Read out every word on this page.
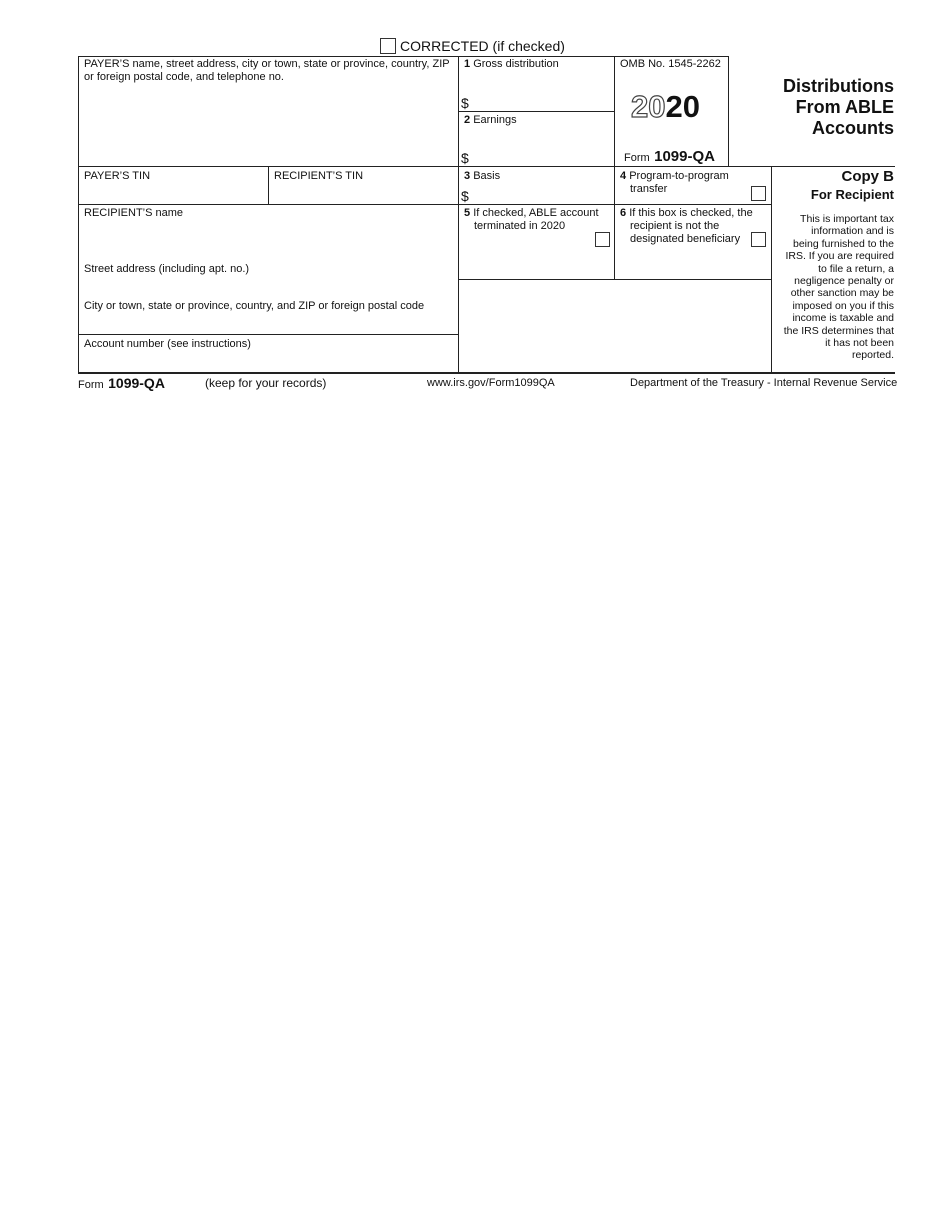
CORRECTED (if checked)
PAYER’S name, street address, city or town, state or province, country, ZIP or foreign postal code, and telephone no.
1 Gross distribution
$
2 Earnings
$
OMB No. 1545-2262
2020
Form 1099-QA
Distributions
From ABLE
Accounts
PAYER’S TIN	RECIPIENT’S TIN	3 Basis
$
4 Program-to-program
transfer
Copy B
For Recipient
RECIPIENT’S name
Street address (including apt. no.)
City or town, state or province, country, and ZIP or foreign postal code
Account number (see instructions)
5 If checked, ABLE account
terminated in 2020
6 If this box is checked, the
recipient is not the
designated beneficiary
This is important tax
information and is
being furnished to the
IRS. If you are required
to file a return, a
negligence penalty or
other sanction may be
imposed on you if this
income is taxable and
the IRS determines that
it has not been
reported.
Form 1099-QA	(keep for your records)	www.irs.gov/Form1099QA	Department of the Treasury - Internal Revenue Service
